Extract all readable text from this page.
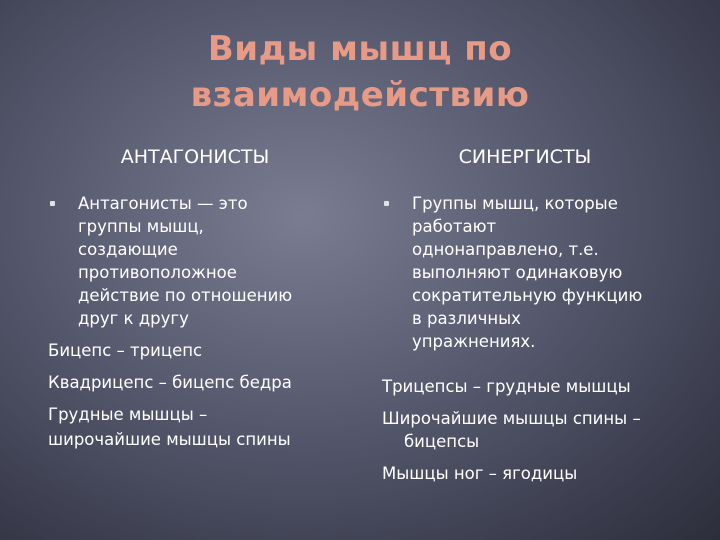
Виды мышц по
взаимодействию
АНТАГОНИСТЫ	СИНЕРГИСТЫ
Антагонисты — это
группы мышц,
создающие
противоположное
действие по отношению
друг к другу
Бицепс – трицепс
Квадрицепс – бицепс бедра
Грудные мышцы –
широчайшие мышцы спины
Группы мышц, которые
работают
однонаправлено, т.е.
выполняют одинаковую
сократительную функцию
в различных
упражнениях.
Трицепсы – грудные мышцы
Широчайшие мышцы спины –бицепсы
Мышцы ног – ягодицы
